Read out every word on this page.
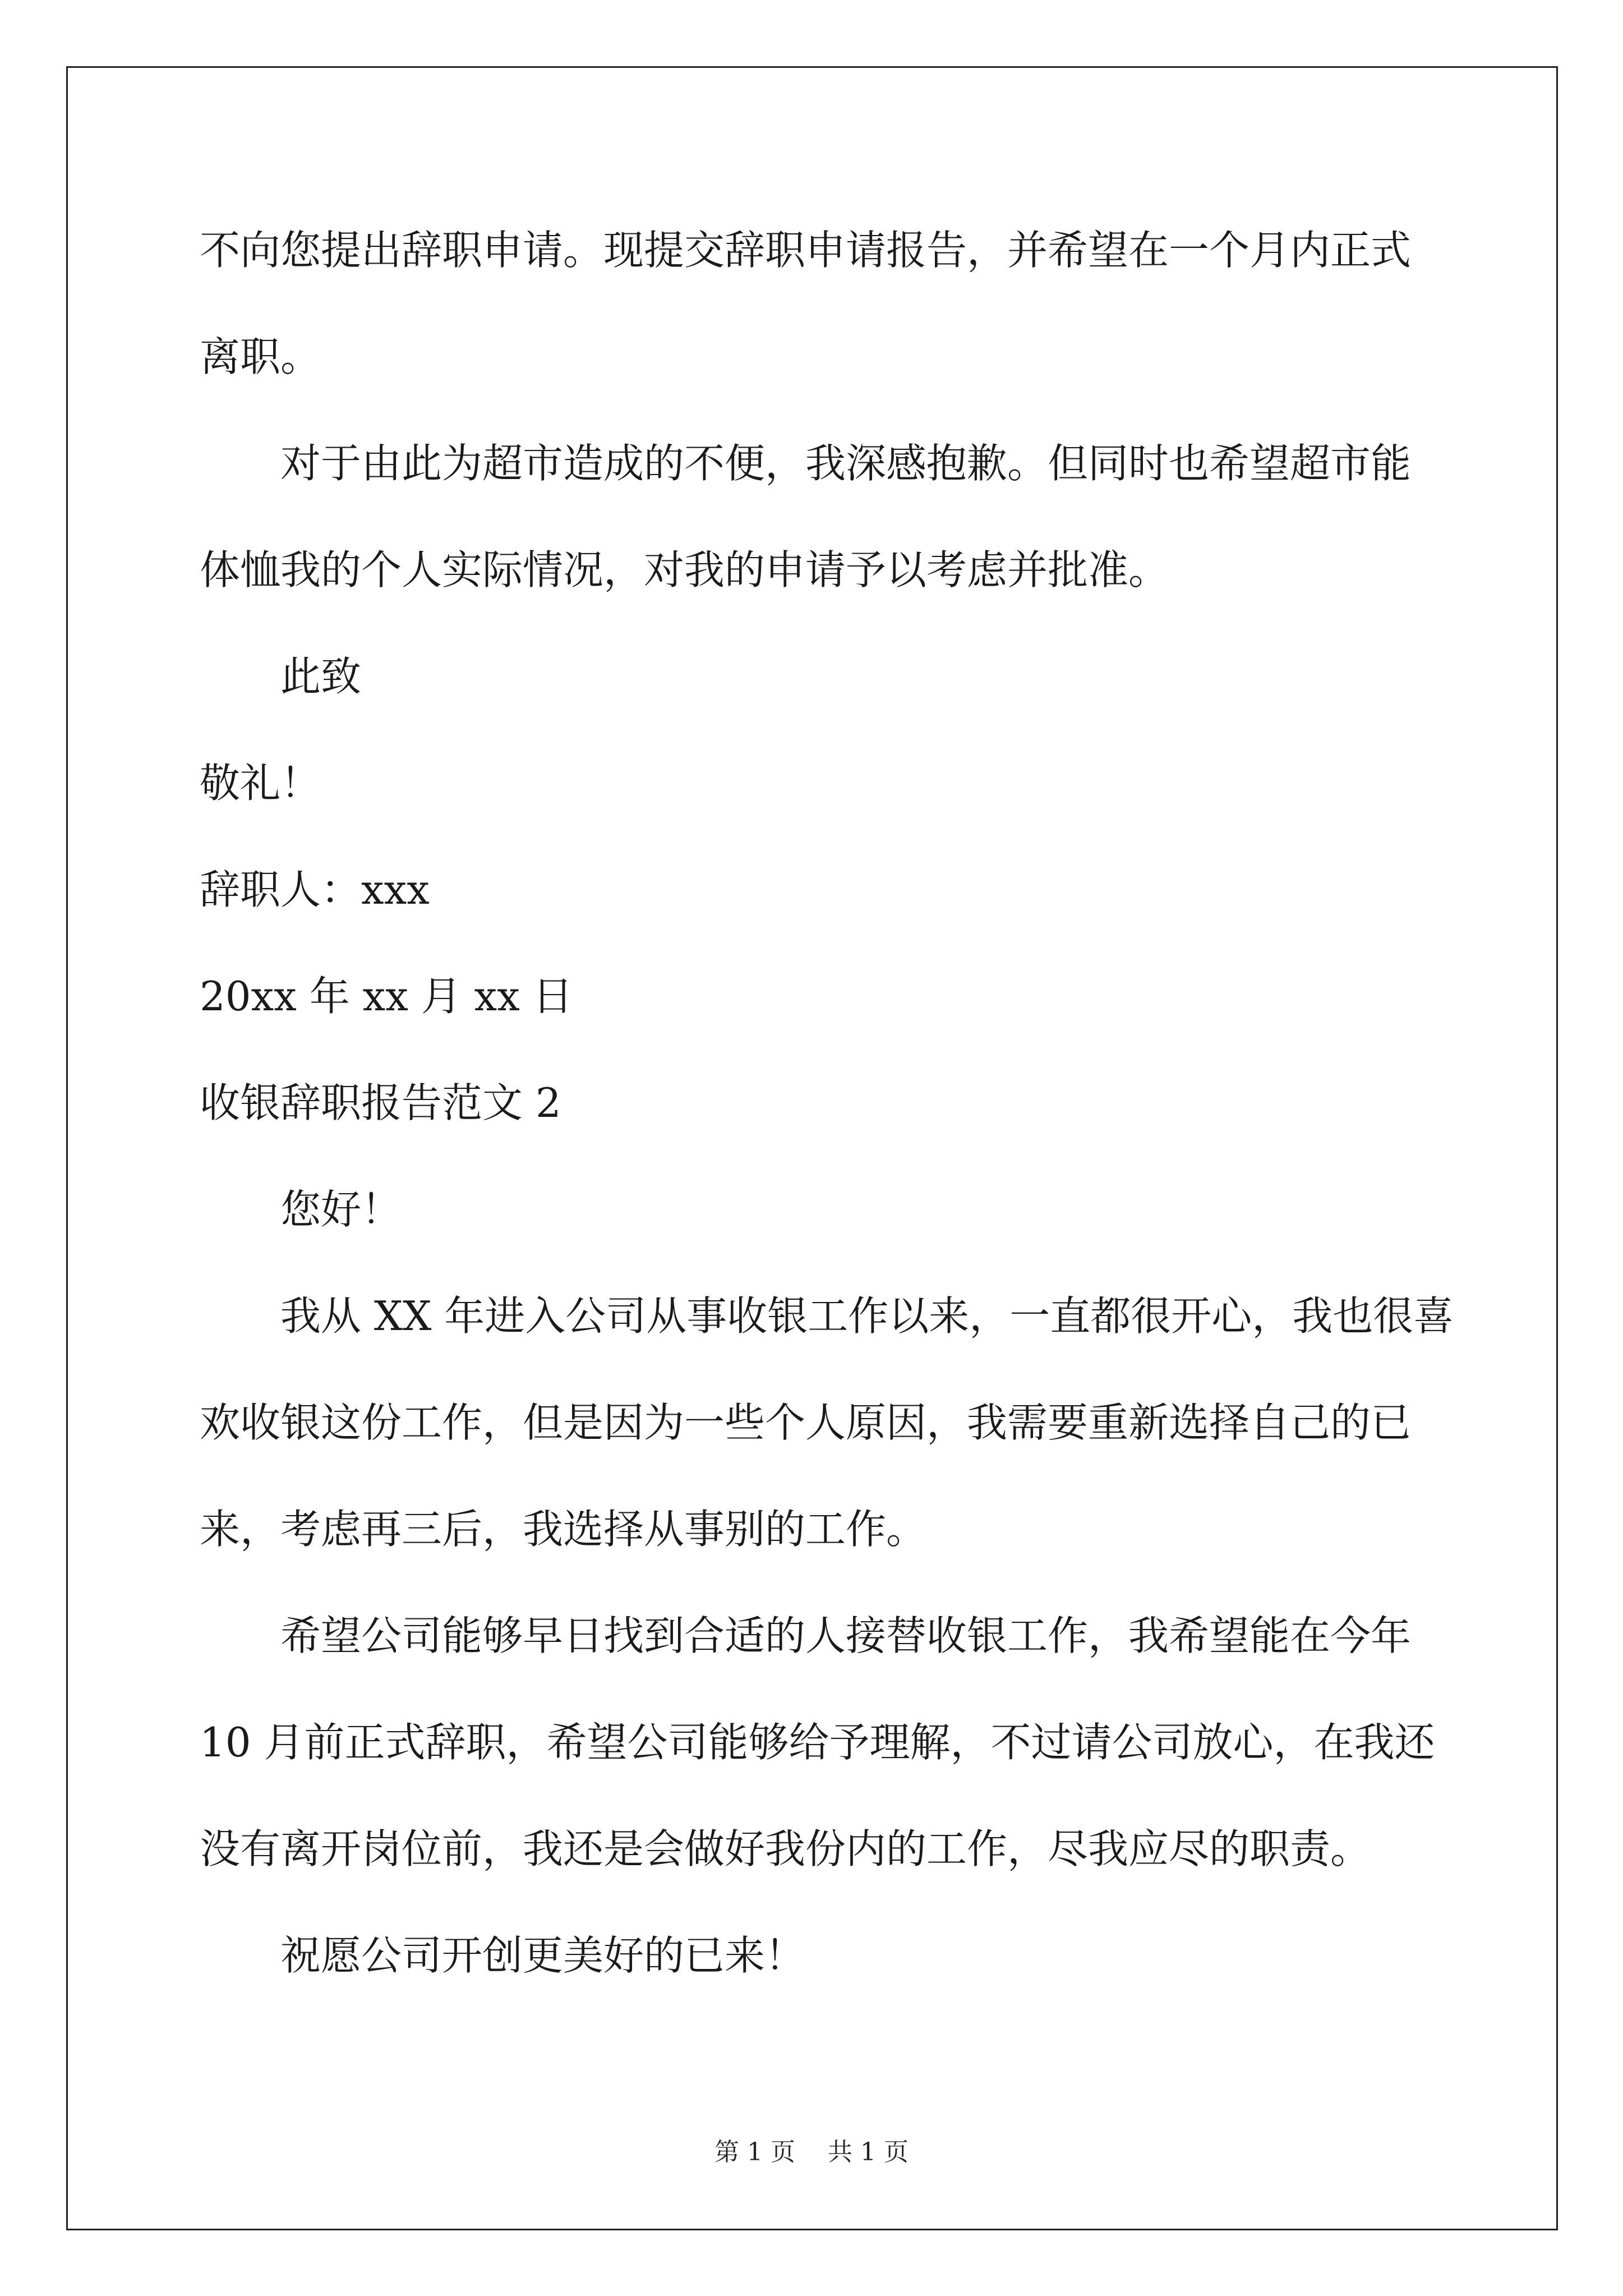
不向您提出辞职申请。现提交辞职申请报告，并希望在一个月内正式
离职。
对于由此为超市造成的不便，我深感抱歉。但同时也希望超市能
体恤我的个人实际情况，对我的申请予以考虑并批准。
此致
敬礼！
辞职人：xxx
20xx 年 xx 月 xx 日
收银辞职报告范文 2
您好！
我从 XX 年进入公司从事收银工作以来，一直都很开心，我也很喜
欢收银这份工作，但是因为一些个人原因，我需要重新选择自己的已
来，考虑再三后，我选择从事别的工作。
希望公司能够早日找到合适的人接替收银工作，我希望能在今年
10 月前正式辞职，希望公司能够给予理解，不过请公司放心，在我还
没有离开岗位前，我还是会做好我份内的工作，尽我应尽的职责。
祝愿公司开创更美好的已来！
第 1 页 共 1 页
